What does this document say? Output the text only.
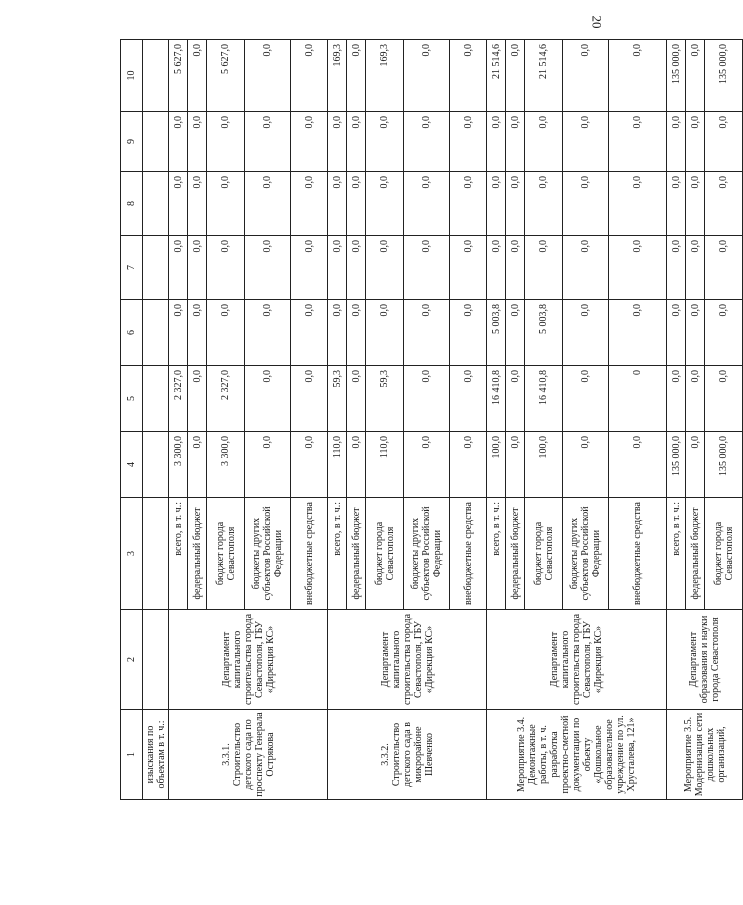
20
1	2	3	4	5	6	7	8	9	10
изыскания по объектам в т. ч.:									
3.3.1. Строительство детского сада по проспекту Генерала Острякова	Департамент капитального строительства города Севастополя, ГБУ «Дирекция КС»	всего, в т. ч.:	3 300,0	2 327,0	0,0	0,0	0,0	0,0	5 627,0
		федеральный бюджет	0,0	0,0	0,0	0,0	0,0	0,0	0,0
		бюджет города Севастополя	3 300,0	2 327,0	0,0	0,0	0,0	0,0	5 627,0
		бюджеты других субъектов Российской Федерации	0,0	0,0	0,0	0,0	0,0	0,0	0,0
		внебюджетные средства	0,0	0,0	0,0	0,0	0,0	0,0	0,0
3.3.2. Строительство детского сада в микрорайоне Шевченко	Департамент капитального строительства города Севастополя, ГБУ «Дирекция КС»	всего, в т. ч.:	110,0	59,3	0,0	0,0	0,0	0,0	169,3
		федеральный бюджет	0,0	0,0	0,0	0,0	0,0	0,0	0,0
		бюджет города Севастополя	110,0	59,3	0,0	0,0	0,0	0,0	169,3
		бюджеты других субъектов Российской Федерации	0,0	0,0	0,0	0,0	0,0	0,0	0,0
		внебюджетные средства	0,0	0,0	0,0	0,0	0,0	0,0	0,0
Мероприятие 3.4. Демонтажные работы, в т. ч. разработка проектно-сметной документации по объекту «Дошкольное образовательное учреждение по ул. Хрусталева, 121»	Департамент капитального строительства города Севастополя, ГБУ «Дирекция КС»	всего, в т. ч.:	100,0	16 410,8	5 003,8	0,0	0,0	0,0	21 514,6
		федеральный бюджет	0,0	0,0	0,0	0,0	0,0	0,0	0,0
		бюджет города Севастополя	100,0	16 410,8	5 003,8	0,0	0,0	0,0	21 514,6
		бюджеты других субъектов Российской Федерации	0,0	0,0	0,0	0,0	0,0	0,0	0,0
		внебюджетные средства	0,0	0	0,0	0,0	0,0	0,0	0,0
Мероприятие 3.5. Модернизация сети дошкольных организаций,	Департамент образования и науки города Севастополя	всего, в т. ч.:	135 000,0	0,0	0,0	0,0	0,0	0,0	135 000,0
		федеральный бюджет	0,0	0,0	0,0	0,0	0,0	0,0	0,0
		бюджет города Севастополя	135 000,0	0,0	0,0	0,0	0,0	0,0	135 000,0
